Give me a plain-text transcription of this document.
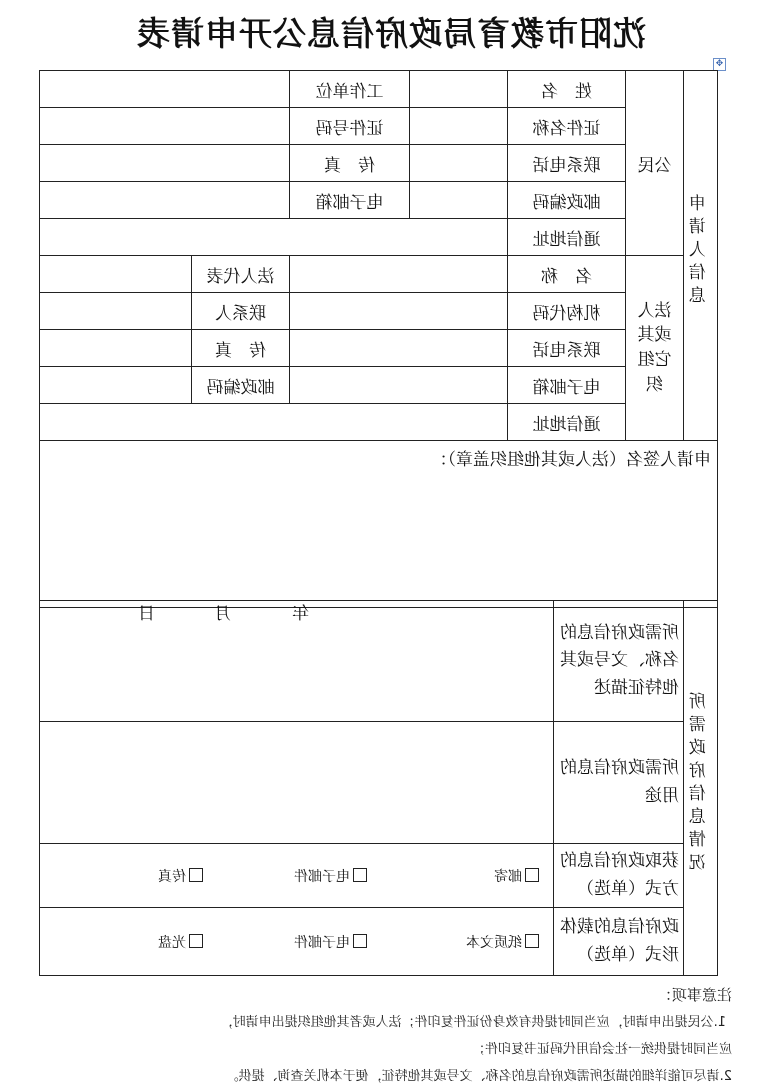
沈阳市教育局政府信息公开申请表
✥
申请人信息	公民	姓　名		工作单位		
		证件名称		证件号码		
		联系电话		传　真		
		邮政编码		电子邮箱		
		通信地址				

	法人或其它组织	名　称			法人代表	
		机构代码			联系人	
		联系电话			传　真	
		电子邮箱			邮政编码	
		通信地址				

申请人签名（法人或其他组织盖章）：
年
月
日						
所需政府信息情况	所需政府信息的名称、文号或其他特征描述	
	所需政府信息的用途	
	获取政府信息的方式（单选）	邮寄
电子邮件
传真

	政府信息的载体形式（单选）	纸质文本
电子邮件
光盘
注意事项：
1.公民提出申请时，应当同时提供有效身份证件复印件；法人或者其他组织提出申请时，
应当同时提供统一社会信用代码证书复印件；
2.请尽可能详细的描述所需政府信息的名称、文号或其他特征，便于本机关查询、提供。
